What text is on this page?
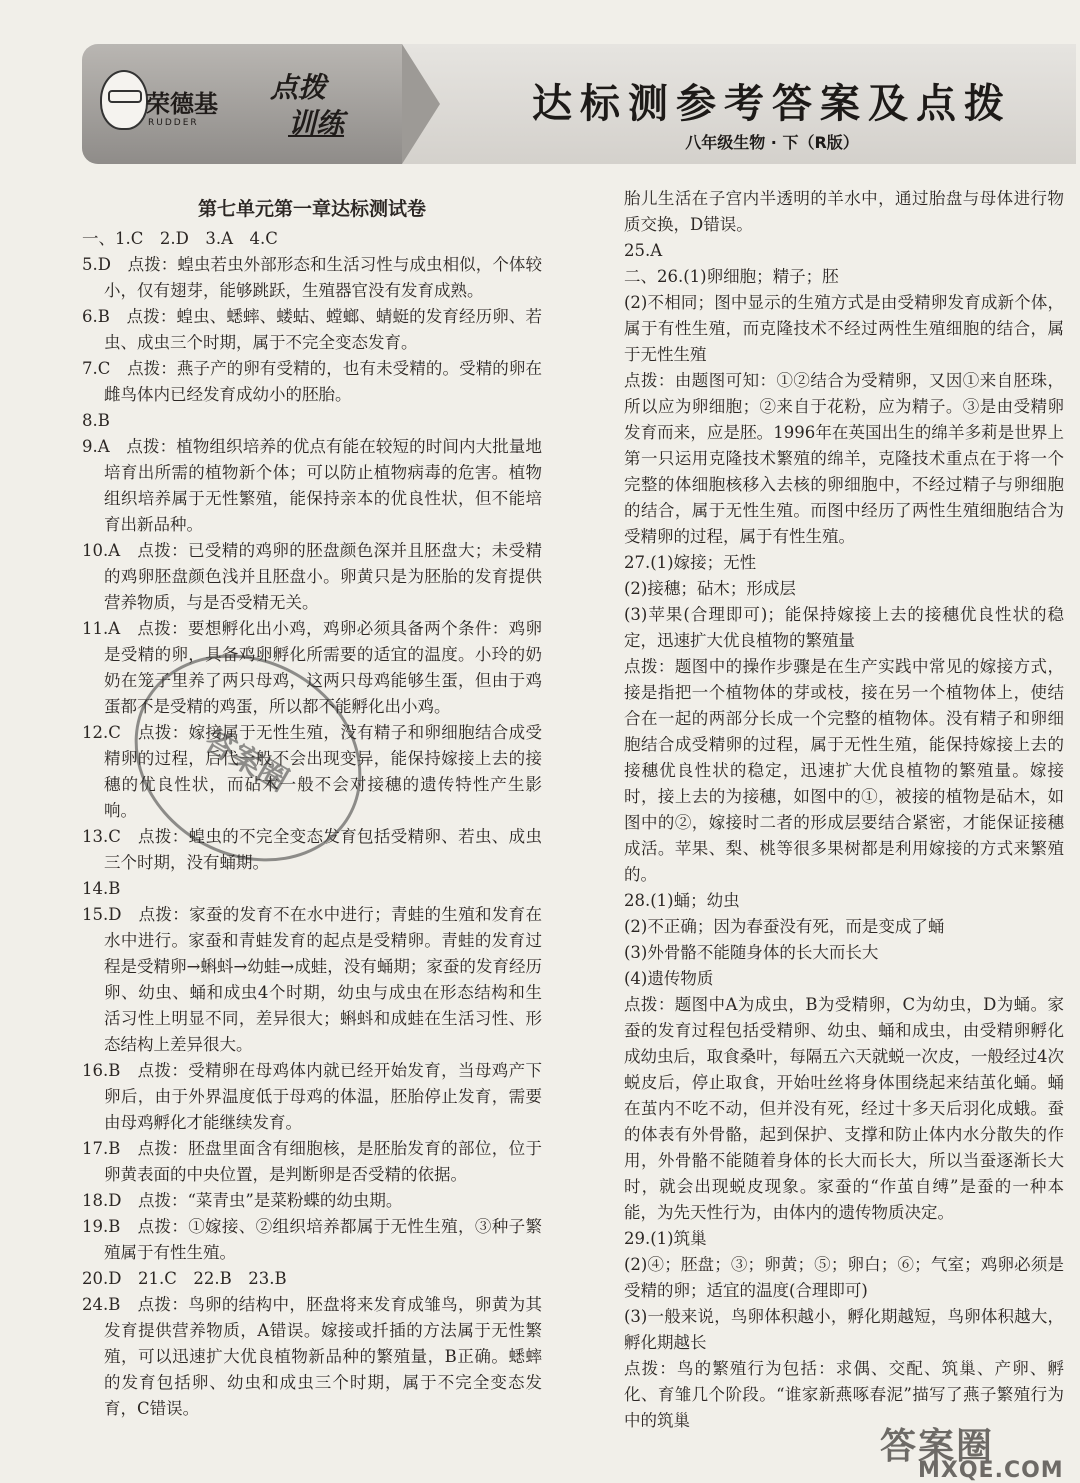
荣德基
RUDDER
点拨
训练	达标测参考答案及点拨
八年级生物 · 下（R版）

第七单元第一章达标测试卷

一、1.C　2.D　3.A　4.C

5.D　点拨：蝗虫若虫外部形态和生活习性与成虫相似，个体较小，仅有翅芽，能够跳跃，生殖器官没有发育成熟。

6.B　点拨：蝗虫、蟋蟀、蝼蛄、螳螂、蜻蜓的发育经历卵、若虫、成虫三个时期，属于不完全变态发育。

7.C　点拨：燕子产的卵有受精的，也有未受精的。受精的卵在雌鸟体内已经发育成幼小的胚胎。

8.B

9.A　点拨：植物组织培养的优点有能在较短的时间内大批量地培育出所需的植物新个体；可以防止植物病毒的危害。植物组织培养属于无性繁殖，能保持亲本的优良性状，但不能培育出新品种。

10.A　点拨：已受精的鸡卵的胚盘颜色深并且胚盘大；未受精的鸡卵胚盘颜色浅并且胚盘小。卵黄只是为胚胎的发育提供营养物质，与是否受精无关。

11.A　点拨：要想孵化出小鸡，鸡卵必须具备两个条件：鸡卵是受精的卵，具备鸡卵孵化所需要的适宜的温度。小玲的奶奶在笼子里养了两只母鸡，这两只母鸡能够生蛋，但由于鸡蛋都不是受精的鸡蛋，所以都不能孵化出小鸡。

12.C　点拨：嫁接属于无性生殖，没有精子和卵细胞结合成受精卵的过程，后代一般不会出现变异，能保持嫁接上去的接穗的优良性状，而砧木一般不会对接穗的遗传特性产生影响。

13.C　点拨：蝗虫的不完全变态发育包括受精卵、若虫、成虫三个时期，没有蛹期。

14.B

15.D　点拨：家蚕的发育不在水中进行；青蛙的生殖和发育在水中进行。家蚕和青蛙发育的起点是受精卵。青蛙的发育过程是受精卵→蝌蚪→幼蛙→成蛙，没有蛹期；家蚕的发育经历卵、幼虫、蛹和成虫4个时期，幼虫与成虫在形态结构和生活习性上明显不同，差异很大；蝌蚪和成蛙在生活习性、形态结构上差异很大。

16.B　点拨：受精卵在母鸡体内就已经开始发育，当母鸡产下卵后，由于外界温度低于母鸡的体温，胚胎停止发育，需要由母鸡孵化才能继续发育。

17.B　点拨：胚盘里面含有细胞核，是胚胎发育的部位，位于卵黄表面的中央位置，是判断卵是否受精的依据。

18.D　点拨：“菜青虫”是菜粉蝶的幼虫期。

19.B　点拨：①嫁接、②组织培养都属于无性生殖，③种子繁殖属于有性生殖。

20.D　21.C　22.B　23.B

24.B　点拨：鸟卵的结构中，胚盘将来发育成雏鸟，卵黄为其发育提供营养物质，A错误。嫁接或扦插的方法属于无性繁殖，可以迅速扩大优良植物新品种的繁殖量，B正确。蟋蟀的发育包括卵、幼虫和成虫三个时期，属于不完全变态发育，C错误。

胎儿生活在子宫内半透明的羊水中，通过胎盘与母体进行物质交换，D错误。

25.A

二、26.(1)卵细胞；精子；胚

(2)不相同；图中显示的生殖方式是由受精卵发育成新个体，属于有性生殖，而克隆技术不经过两性生殖细胞的结合，属于无性生殖

点拨：由题图可知：①②结合为受精卵，又因①来自胚珠，所以应为卵细胞；②来自于花粉，应为精子。③是由受精卵发育而来，应是胚。1996年在英国出生的绵羊多莉是世界上第一只运用克隆技术繁殖的绵羊，克隆技术重点在于将一个完整的体细胞核移入去核的卵细胞中，不经过精子与卵细胞的结合，属于无性生殖。而图中经历了两性生殖细胞结合为受精卵的过程，属于有性生殖。

27.(1)嫁接；无性

(2)接穗；砧木；形成层

(3)苹果(合理即可)；能保持嫁接上去的接穗优良性状的稳定，迅速扩大优良植物的繁殖量

点拨：题图中的操作步骤是在生产实践中常见的嫁接方式，接是指把一个植物体的芽或枝，接在另一个植物体上，使结合在一起的两部分长成一个完整的植物体。没有精子和卵细胞结合成受精卵的过程，属于无性生殖，能保持嫁接上去的接穗优良性状的稳定，迅速扩大优良植物的繁殖量。嫁接时，接上去的为接穗，如图中的①，被接的植物是砧木，如图中的②，嫁接时二者的形成层要结合紧密，才能保证接穗成活。苹果、梨、桃等很多果树都是利用嫁接的方式来繁殖的。

28.(1)蛹；幼虫

(2)不正确；因为春蚕没有死，而是变成了蛹

(3)外骨骼不能随身体的长大而长大

(4)遗传物质

点拨：题图中A为成虫，B为受精卵，C为幼虫，D为蛹。家蚕的发育过程包括受精卵、幼虫、蛹和成虫，由受精卵孵化成幼虫后，取食桑叶，每隔五六天就蜕一次皮，一般经过4次蜕皮后，停止取食，开始吐丝将身体围绕起来结茧化蛹。蛹在茧内不吃不动，但并没有死，经过十多天后羽化成蛾。蚕的体表有外骨骼，起到保护、支撑和防止体内水分散失的作用，外骨骼不能随着身体的长大而长大，所以当蚕逐渐长大时，就会出现蜕皮现象。家蚕的“作茧自缚”是蚕的一种本能，为先天性行为，由体内的遗传物质决定。

29.(1)筑巢

(2)④；胚盘；③；卵黄；⑤；卵白；⑥；气室；鸡卵必须是受精的卵；适宜的温度(合理即可)

(3)一般来说，鸟卵体积越小，孵化期越短，鸟卵体积越大，孵化期越长

点拨：鸟的繁殖行为包括：求偶、交配、筑巢、产卵、孵化、育雏几个阶段。“谁家新燕啄春泥”描写了燕子繁殖行为中的筑巢

答案圈
答案圈
MXQE.COM
